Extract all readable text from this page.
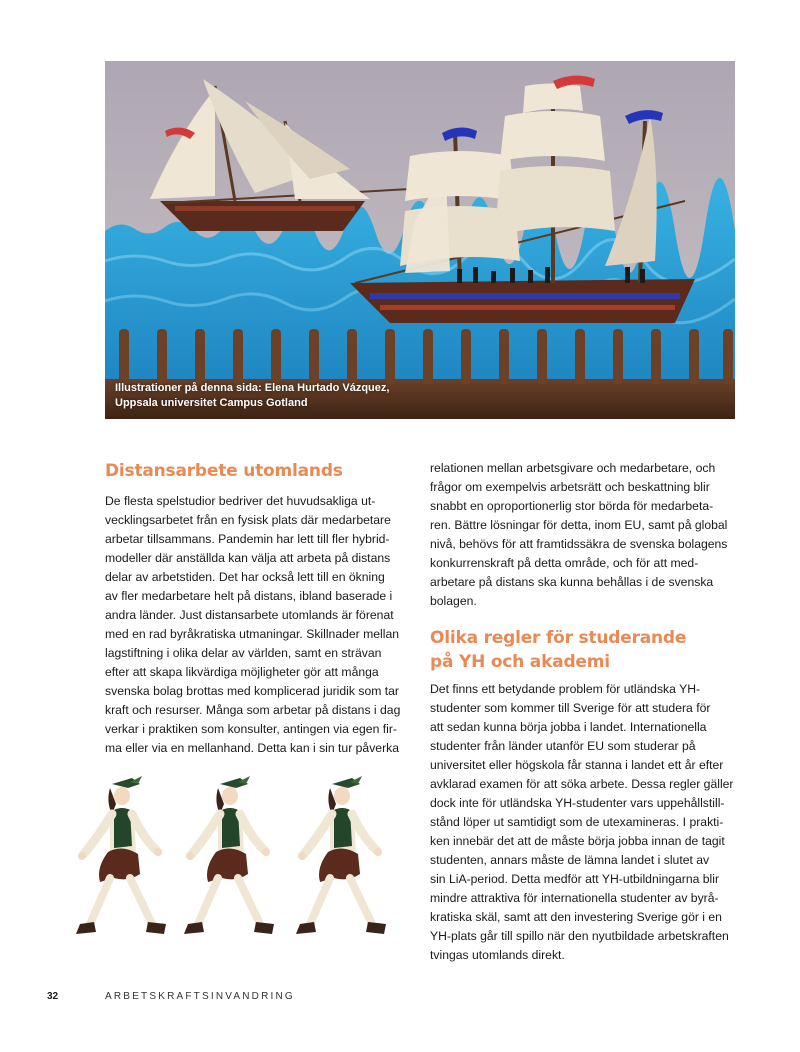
Illustrationer på denna sida: Elena Hurtado Vázquez,
Uppsala universitet Campus Gotland
Distansarbete utomlands

De flesta spelstudior bedriver det huvudsakliga ut-
vecklingsarbetet från en fysisk plats där medarbetare
arbetar tillsammans. Pandemin har lett till fler hybrid-
modeller där anställda kan välja att arbeta på distans
delar av arbetstiden. Det har också lett till en ökning
av fler medarbetare helt på distans, ibland baserade i
andra länder. Just distansarbete utomlands är förenat
med en rad byråkratiska utmaningar. Skillnader mellan
lagstiftning i olika delar av världen, samt en strävan
efter att skapa likvärdiga möjligheter gör att många
svenska bolag brottas med komplicerad juridik som tar
kraft och resurser. Många som arbetar på distans i dag
verkar i praktiken som konsulter, antingen via egen fir-
ma eller via en mellanhand. Detta kan i sin tur påverka

relationen mellan arbetsgivare och medarbetare, och
frågor om exempelvis arbetsrätt och beskattning blir
snabbt en oproportionerlig stor börda för medarbeta-
ren. Bättre lösningar för detta, inom EU, samt på global
nivå, behövs för att framtidssäkra de svenska bolagens
konkurrenskraft på detta område, och för att med-
arbetare på distans ska kunna behållas i de svenska
bolagen.

Olika regler för studerande
på YH och akademi

Det finns ett betydande problem för utländska YH-
studenter som kommer till Sverige för att studera för
att sedan kunna börja jobba i landet. Internationella
studenter från länder utanför EU som studerar på
universitet eller högskola får stanna i landet ett år efter
avklarad examen för att söka arbete. Dessa regler gäller
dock inte för utländska YH-studenter vars uppehållstill-
stånd löper ut samtidigt som de utexamineras. I prakti-
ken innebär det att de måste börja jobba innan de tagit
studenten, annars måste de lämna landet i slutet av
sin LiA-period. Detta medför att YH-utbildningarna blir
mindre attraktiva för internationella studenter av byrå-
kratiska skäl, samt att den investering Sverige gör i en
YH-plats går till spillo när den nyutbildade arbetskraften
tvingas utomlands direkt.

32	ARBETSKRAFTSINVANDRING
